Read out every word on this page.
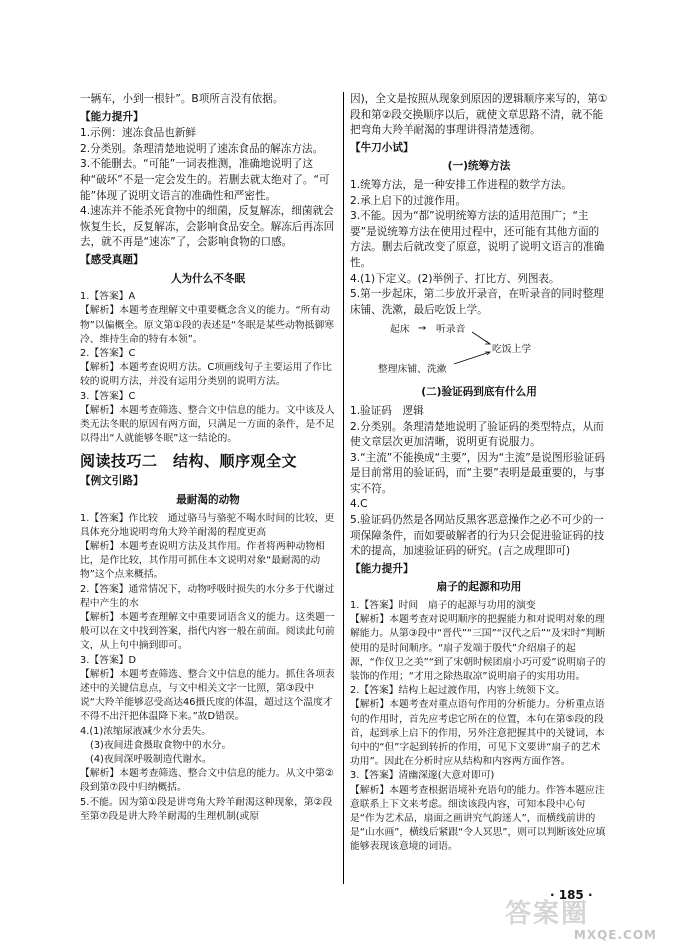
一辆车，小到一根针”。B项所言没有依据。

【能力提升】

1.示例：速冻食品也新鲜

2.分类别。条理清楚地说明了速冻食品的解冻方法。

3.不能删去。“可能”一词表推测，准确地说明了这种“破坏”不是一定会发生的。若删去就太绝对了。“可能”体现了说明文语言的准确性和严密性。

4.速冻并不能杀死食物中的细菌，反复解冻，细菌就会恢复生长，反复解冻，会影响食品安全。解冻后再冻回去，就不再是“速冻”了，会影响食物的口感。

【感受真题】

人为什么不冬眠

1.【答案】A

【解析】本题考查理解文中重要概念含义的能力。“所有动物”以偏概全。原文第①段的表述是“冬眠是某些动物抵御寒冷、维持生命的特有本领”。

2.【答案】C

【解析】本题考查说明方法。C项画线句子主要运用了作比较的说明方法，并没有运用分类别的说明方法。

3.【答案】C

【解析】本题考查筛选、整合文中信息的能力。文中该及人类无法冬眠的原因有两方面，只满足一方面的条件，是不足以得出“人就能够冬眠”这一结论的。

阅读技巧二　结构、顺序观全文

【例文引路】

最耐渴的动物

1.【答案】作比较　通过骆马与骆驼不喝水时间的比较，更具体充分地说明弯角大羚羊耐渴的程度更高

【解析】本题考查说明方法及其作用。作者将两种动物相比，是作比较，其作用可抓住本文说明对象“最耐渴的动物”这个点来概括。

2.【答案】通常情况下，动物呼吸时损失的水分多于代谢过程中产生的水

【解析】本题考查理解文中重要词语含义的能力。这类题一般可以在文中找到答案，指代内容一般在前面。阅读此句前文，从上句中摘到即可。

3.【答案】D

【解析】本题考查筛选、整合文中信息的能力。抓住各项表述中的关键信息点，与文中相关文字一比照，第③段中说“大羚羊能够忍受高达46摄氏度的体温，超过这个温度才不得不出汗把体温降下来。”故D错误。

4.(1)浓缩尿液减少水分丢失。

(3)夜间进食摄取食物中的水分。

(4)夜间深呼吸制造代谢水。

【解析】本题考查筛选、整合文中信息的能力。从文中第②段到第⑦段中归纳概括。

5.不能。因为第①段是讲弯角大羚羊耐渴这种现象，第②段至第⑦段是讲大羚羊耐渴的生理机制(或原

因)，全文是按照从现象到原因的逻辑顺序来写的，第①段和第②段交换顺序以后，就使文章思路不清，就不能把弯角大羚羊耐渴的事理讲得清楚透彻。

【牛刀小试】

(一)统筹方法

1.统筹方法，是一种安排工作进程的数学方法。

2.承上启下的过渡作用。

3.不能。因为“都”说明统筹方法的适用范围广；“主要”是说统筹方法在使用过程中，还可能有其他方面的方法。删去后就改变了原意，说明了说明文语言的准确性。

4.(1)下定义。(2)举例子、打比方、列图表。

5.第一步起床，第二步放开录音，在听录音的同时整理床铺、洗漱，最后吃饭上学。

起床 → 听录音
吃饭上学
整理床铺、洗漱

(二)验证码到底有什么用

1.验证码　逻辑

2.分类别。条理清楚地说明了验证码的类型特点，从而使文章层次更加清晰，说明更有说服力。

3.“主流”不能换成“主要”，因为“主流”是说图形验证码是目前常用的验证码，而“主要”表明是最重要的，与事实不符。

4.C

5.验证码仍然是各网站反黑客恶意操作之必不可少的一项保障条件，而如要破解者的行为只会促进验证码的技术的提高，加速验证码的研究。(言之成理即可)

【能力提升】

扇子的起源和功用

1.【答案】时间　扇子的起源与功用的演变

【解析】本题考查对说明顺序的把握能力和对说明对象的理解能力。从第③段中“晋代”“三国”“汉代之后”“及宋时”判断使用的是时间顺序。“扇子发端于殷代”介绍扇子的起源，“作仪卫之美”“到了宋朝时候团扇小巧可爱”说明扇子的装饰的作用；“才用之除热取凉”说明扇子的实用功用。

2.【答案】结构上起过渡作用，内容上统领下文。

【解析】本题考查对重点语句作用的分析能力。分析重点语句的作用时，首先应考虑它所在的位置，本句在第⑤段的段首，起到承上启下的作用，另外注意把握其中的关键词，本句中的“但”字起到转折的作用，可见下文要讲“扇子的艺术功用”。因此在分析时应从结构和内容两方面作答。

3.【答案】清幽深邃(大意对即可)

【解析】本题考查根据语境补充语句的能力。作答本题应注意联系上下文来考虑。细读该段内容，可知本段中心句是“作为艺术品，扇面之画讲究气韵迷人”，而横线前讲的是“山水画”，横线后紧跟“令人冥思”，则可以判断该处应填能够表现该意境的词语。

· 185 ·
答案圈
MXQE.COM
